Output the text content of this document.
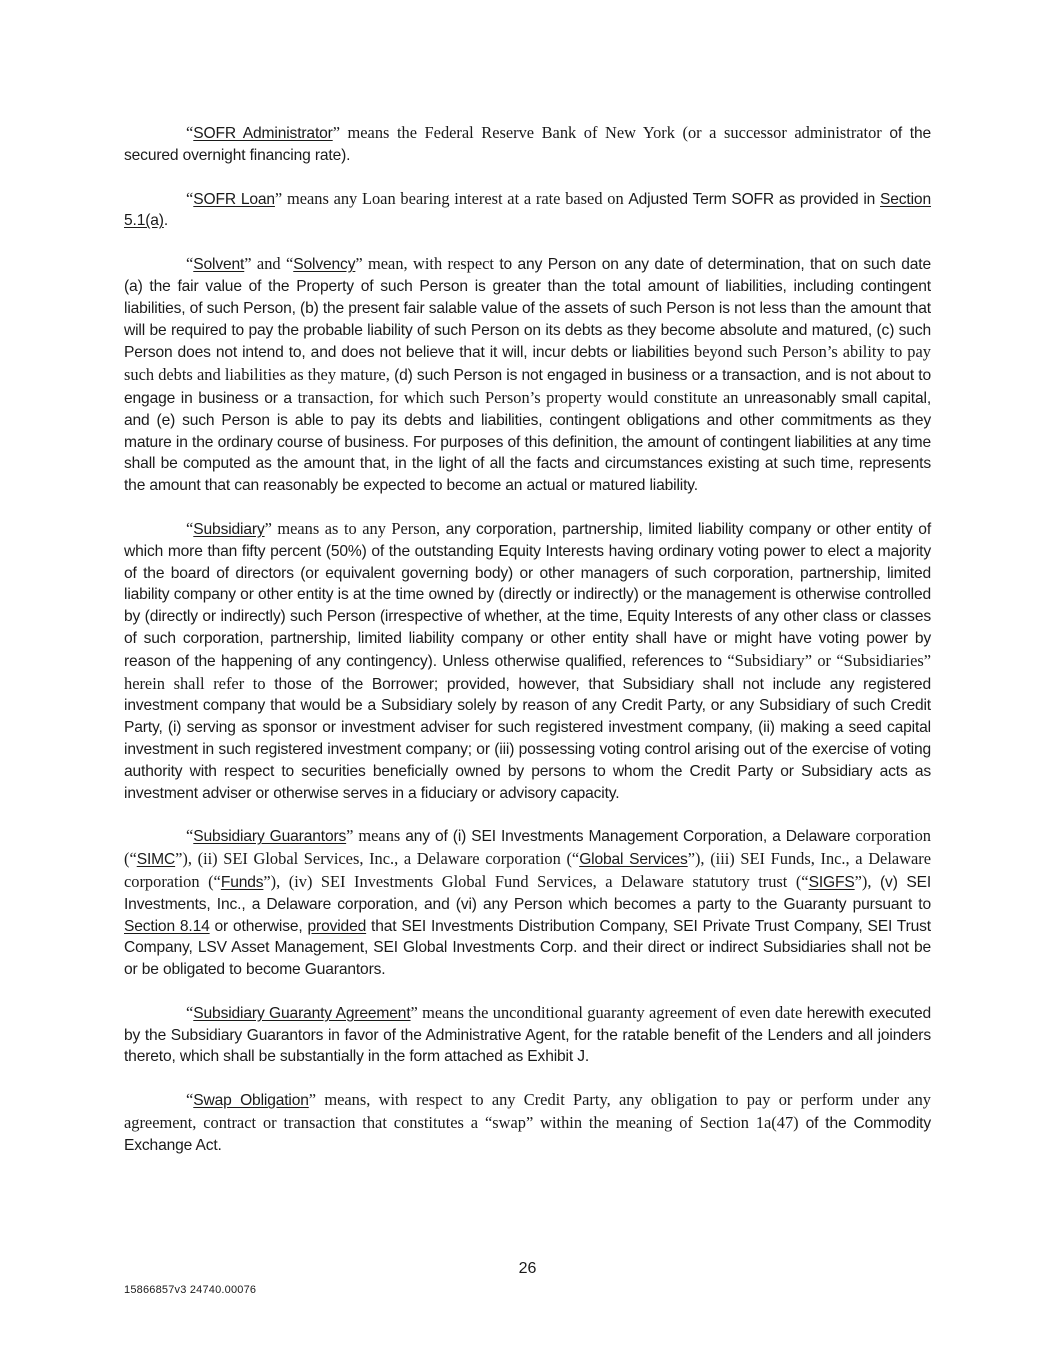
“SOFR Administrator” means the Federal Reserve Bank of New York (or a successor administrator of the secured overnight financing rate).

“SOFR Loan” means any Loan bearing interest at a rate based on Adjusted Term SOFR as provided in Section 5.1(a).

“Solvent” and “Solvency” mean, with respect to any Person on any date of determination, that on such date (a) the fair value of the Property of such Person is greater than the total amount of liabilities, including contingent liabilities, of such Person, (b) the present fair salable value of the assets of such Person is not less than the amount that will be required to pay the probable liability of such Person on its debts as they become absolute and matured, (c) such Person does not intend to, and does not believe that it will, incur debts or liabilities beyond such Person’s ability to pay such debts and liabilities as they mature, (d) such Person is not engaged in business or a transaction, and is not about to engage in business or a transaction, for which such Person’s property would constitute an unreasonably small capital, and (e) such Person is able to pay its debts and liabilities, contingent obligations and other commitments as they mature in the ordinary course of business. For purposes of this definition, the amount of contingent liabilities at any time shall be computed as the amount that, in the light of all the facts and circumstances existing at such time, represents the amount that can reasonably be expected to become an actual or matured liability.

“Subsidiary” means as to any Person, any corporation, partnership, limited liability company or other entity of which more than fifty percent (50%) of the outstanding Equity Interests having ordinary voting power to elect a majority of the board of directors (or equivalent governing body) or other managers of such corporation, partnership, limited liability company or other entity is at the time owned by (directly or indirectly) or the management is otherwise controlled by (directly or indirectly) such Person (irrespective of whether, at the time, Equity Interests of any other class or classes of such corporation, partnership, limited liability company or other entity shall have or might have voting power by reason of the happening of any contingency). Unless otherwise qualified, references to “Subsidiary” or “Subsidiaries” herein shall refer to those of the Borrower; provided, however, that Subsidiary shall not include any registered investment company that would be a Subsidiary solely by reason of any Credit Party, or any Subsidiary of such Credit Party, (i) serving as sponsor or investment adviser for such registered investment company, (ii) making a seed capital investment in such registered investment company; or (iii) possessing voting control arising out of the exercise of voting authority with respect to securities beneficially owned by persons to whom the Credit Party or Subsidiary acts as investment adviser or otherwise serves in a fiduciary or advisory capacity.

“Subsidiary Guarantors” means any of (i) SEI Investments Management Corporation, a Delaware corporation (“SIMC”), (ii) SEI Global Services, Inc., a Delaware corporation (“Global Services”), (iii) SEI Funds, Inc., a Delaware corporation (“Funds”), (iv) SEI Investments Global Fund Services, a Delaware statutory trust (“SIGFS”), (v) SEI Investments, Inc., a Delaware corporation, and (vi) any Person which becomes a party to the Guaranty pursuant to Section 8.14 or otherwise, provided that SEI Investments Distribution Company, SEI Private Trust Company, SEI Trust Company, LSV Asset Management, SEI Global Investments Corp. and their direct or indirect Subsidiaries shall not be or be obligated to become Guarantors.

“Subsidiary Guaranty Agreement” means the unconditional guaranty agreement of even date herewith executed by the Subsidiary Guarantors in favor of the Administrative Agent, for the ratable benefit of the Lenders and all joinders thereto, which shall be substantially in the form attached as Exhibit J.

“Swap Obligation” means, with respect to any Credit Party, any obligation to pay or perform under any agreement, contract or transaction that constitutes a “swap” within the meaning of Section 1a(47) of the Commodity Exchange Act.

26
15866857v3 24740.00076
